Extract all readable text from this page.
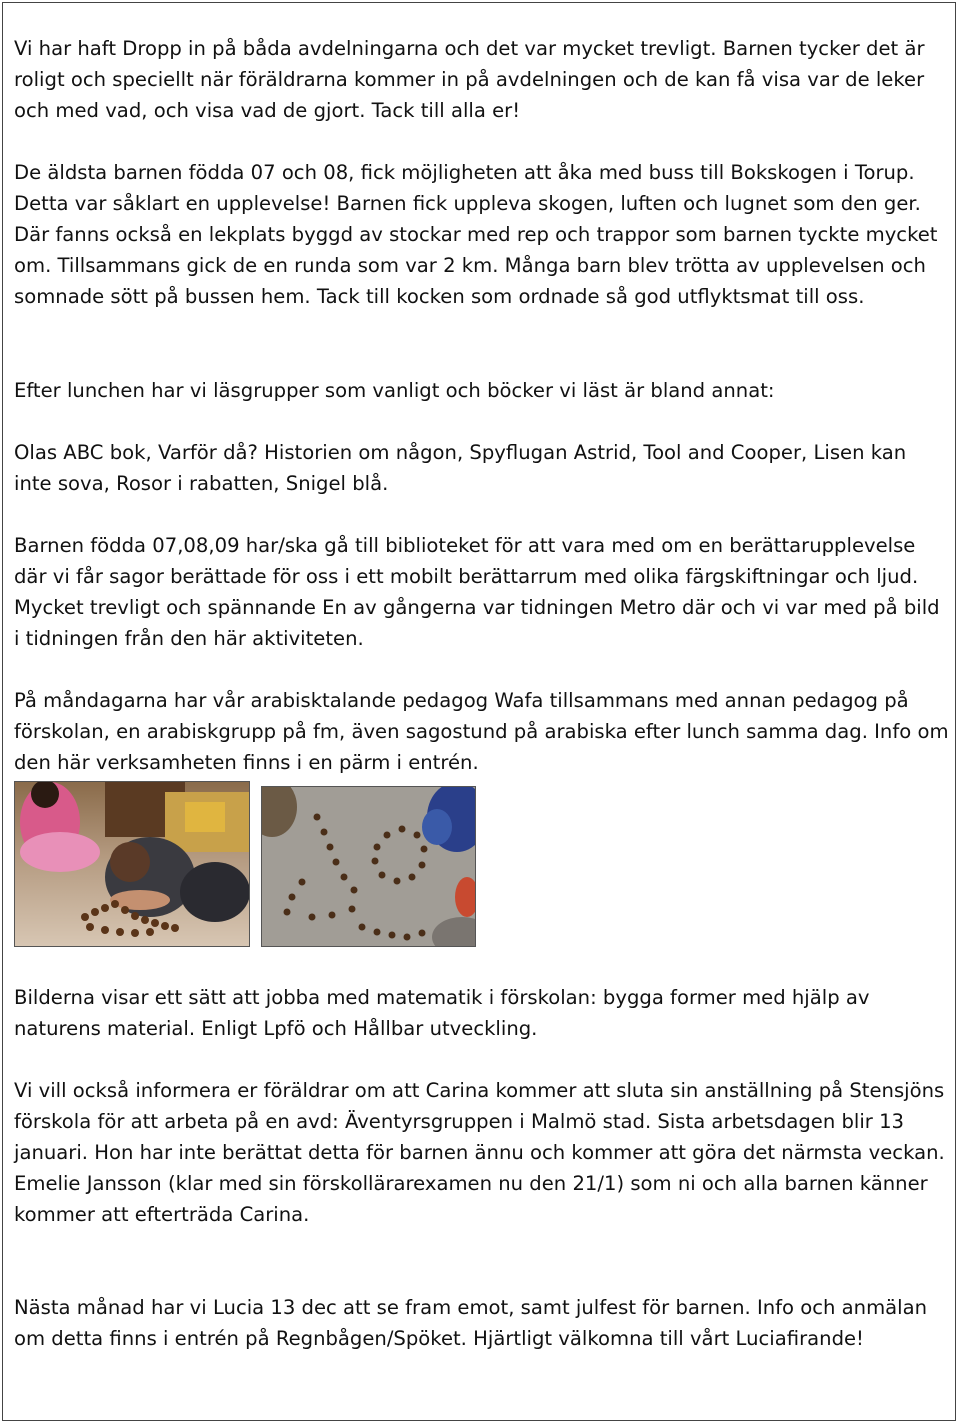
Vi har haft Dropp in på båda avdelningarna och det var mycket trevligt. Barnen tycker det är roligt och speciellt när föräldrarna kommer in på avdelningen och de kan få visa var de leker och med vad, och visa vad de gjort. Tack till alla er!

De äldsta barnen födda 07 och 08, fick möjligheten att åka med buss till Bokskogen i Torup. Detta var såklart en upplevelse! Barnen fick uppleva skogen, luften och lugnet som den ger. Där fanns också en lekplats byggd av stockar med rep och trappor som barnen tyckte mycket om. Tillsammans gick de en runda som var 2 km. Många barn blev trötta av upplevelsen och somnade sött på bussen hem. Tack till kocken som ordnade så god utflyktsmat till oss.

Efter lunchen har vi läsgrupper som vanligt och böcker vi läst är bland annat:

Olas ABC bok, Varför då? Historien om någon, Spyflugan Astrid, Tool and Cooper, Lisen kan inte sova, Rosor i rabatten, Snigel blå.

Barnen födda 07,08,09 har/ska gå till biblioteket för att vara med om en berättarupplevelse där vi får sagor berättade för oss i ett mobilt berättarrum med olika färgskiftningar och ljud. Mycket trevligt och spännande En av gångerna var tidningen Metro där och vi var med på bild i tidningen från den här aktiviteten.

På måndagarna har vår arabisktalande pedagog Wafa tillsammans med annan pedagog på förskolan, en arabiskgrupp på fm, även sagostund på arabiska efter lunch samma dag. Info om den här verksamheten finns i en pärm i entrén.

Bilderna visar ett sätt att jobba med matematik i förskolan: bygga former med hjälp av naturens material. Enligt Lpfö och Hållbar utveckling.

Vi vill också informera er föräldrar om att Carina kommer att sluta sin anställning på Stensjöns förskola för att arbeta på en avd: Äventyrsgruppen i Malmö stad. Sista arbetsdagen blir 13 januari. Hon har inte berättat detta för barnen ännu och kommer att göra det närmsta veckan. Emelie Jansson (klar med sin förskollärarexamen nu den 21/1) som ni och alla barnen känner kommer att efterträda Carina.

Nästa månad har vi Lucia 13 dec att se fram emot, samt julfest för barnen. Info och anmälan om detta finns i entrén på Regnbågen/Spöket. Hjärtligt välkomna till vårt Luciafirande!
